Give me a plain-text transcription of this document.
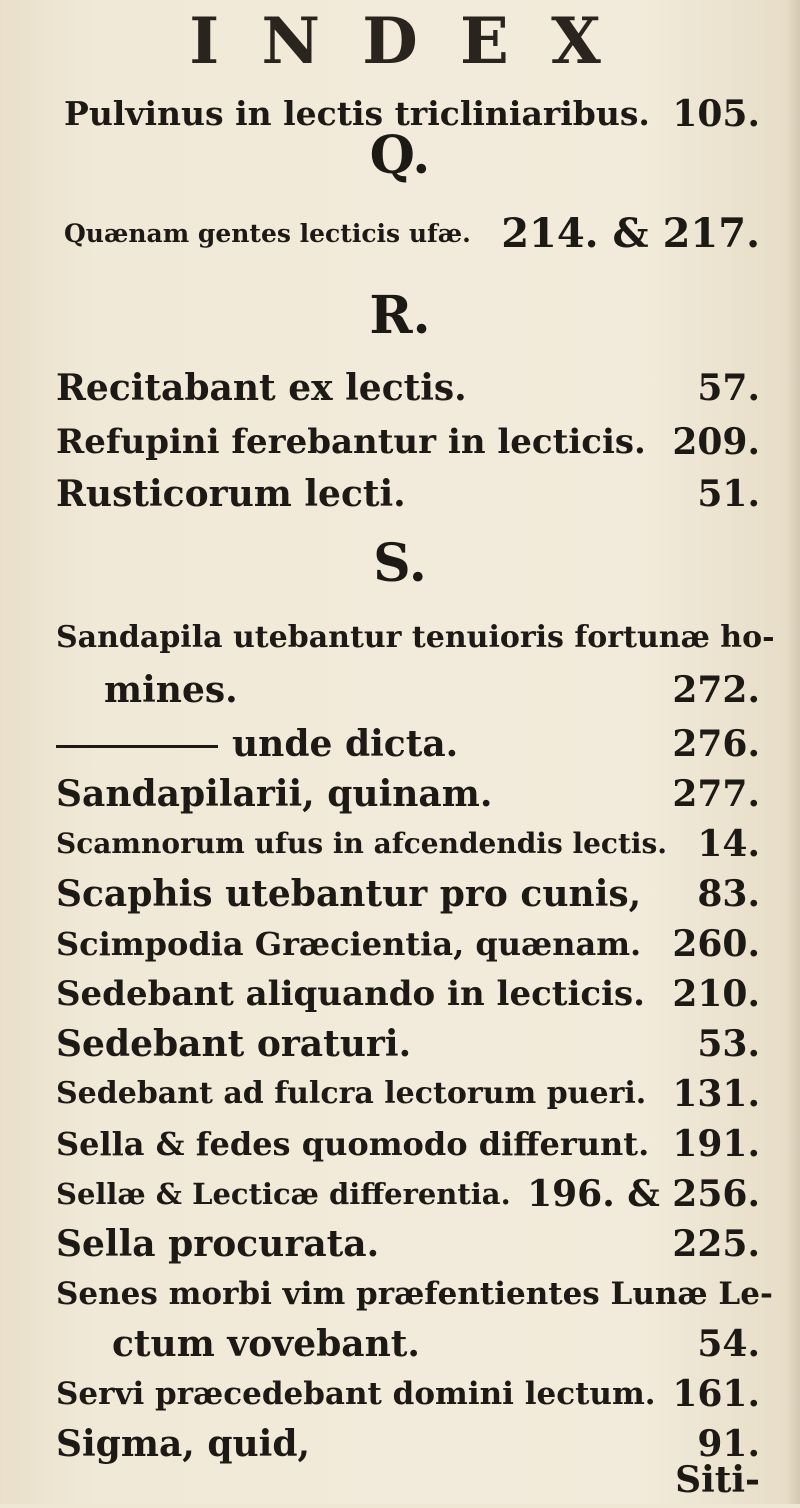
I N D E X
Pulvinus in lectis tricliniaribus. 105.
Q.
Quænam gentes lecticis ufæ. 214. & 217.
R.
Recitabant ex lectis.	57.
Refupini ferebantur in lecticis. 209.
Rusticorum lecti.	51.
S.
Sandapila utebantur tenuioris fortunæ ho-
mines.	272.
unde dicta.	276.
Sandapilarii, quinam.	277.
Scamnorum ufus in afcendendis lectis. 14.
Scaphis utebantur pro cunis, 83.
Scimpodia Græcientia, quænam. 260.
Sedebant aliquando in lecticis. 210.
Sedebant oraturi.	53.
Sedebant ad fulcra lectorum pueri. 131.
Sella & fedes quomodo differunt. 191.
Sellæ & Lecticæ differentia. 196. & 256.
Sella procurata.	225.
Senes morbi vim præfentientes Lunæ Le-
ctum vovebant.	54.
Servi præcedebant domini lectum. 161.
Sigma, quid,	91.
Siti-
